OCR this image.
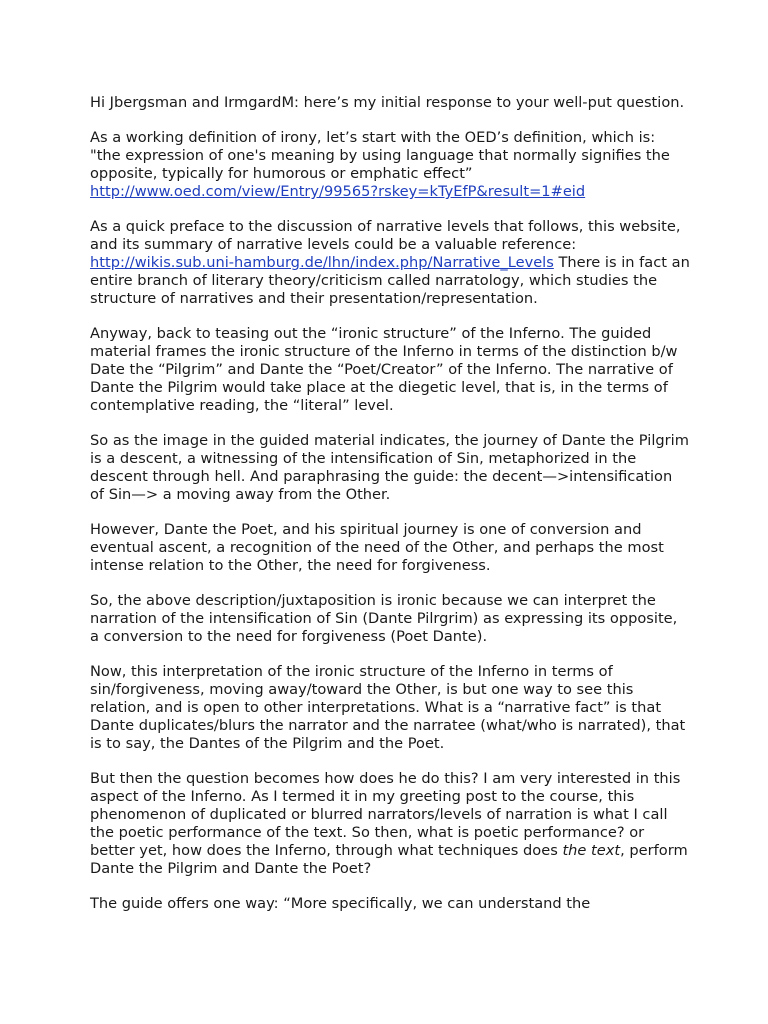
Hi Jbergsman and IrmgardM: here’s my initial response to your well-put question.

As a working definition of irony, let’s start with the OED’s definition, which is: "the expression of one's meaning by using language that normally signifies the opposite, typically for humorous or emphatic effect”
http://www.oed.com/view/Entry/99565?rskey=kTyEfP&result=1#eid

As a quick preface to the discussion of narrative levels that follows, this website, and its summary of narrative levels could be a valuable reference: http://wikis.sub.uni-hamburg.de/lhn/index.php/Narrative_Levels There is in fact an entire branch of literary theory/criticism called narratology, which studies the structure of narratives and their presentation/representation.

Anyway, back to teasing out the “ironic structure” of the Inferno. The guided material frames the ironic structure of the Inferno in terms of the distinction b/w Date the “Pilgrim” and Dante the “Poet/Creator” of the Inferno. The narrative of Dante the Pilgrim would take place at the diegetic level, that is, in the terms of contemplative reading, the “literal” level.

So as the image in the guided material indicates, the journey of Dante the Pilgrim is a descent, a witnessing of the intensification of Sin, metaphorized in the descent through hell. And paraphrasing the guide: the decent—>intensification of Sin—> a moving away from the Other.

However, Dante the Poet, and his spiritual journey is one of conversion and eventual ascent, a recognition of the need of the Other, and perhaps the most intense relation to the Other, the need for forgiveness.

So, the above description/juxtaposition is ironic because we can interpret the narration of the intensification of Sin (Dante Pilrgrim) as expressing its opposite, a conversion to the need for forgiveness (Poet Dante).

Now, this interpretation of the ironic structure of the Inferno in terms of sin/forgiveness, moving away/toward the Other, is but one way to see this relation, and is open to other interpretations. What is a “narrative fact” is that Dante duplicates/blurs the narrator and the narratee (what/who is narrated), that is to say, the Dantes of the Pilgrim and the Poet.

But then the question becomes how does he do this? I am very interested in this aspect of the Inferno. As I termed it in my greeting post to the course, this phenomenon of duplicated or blurred narrators/levels of narration is what I call the poetic performance of the text. So then, what is poetic performance? or better yet, how does the Inferno, through what techniques does the text, perform Dante the Pilgrim and Dante the Poet?

The guide offers one way: “More specifically, we can understand the
